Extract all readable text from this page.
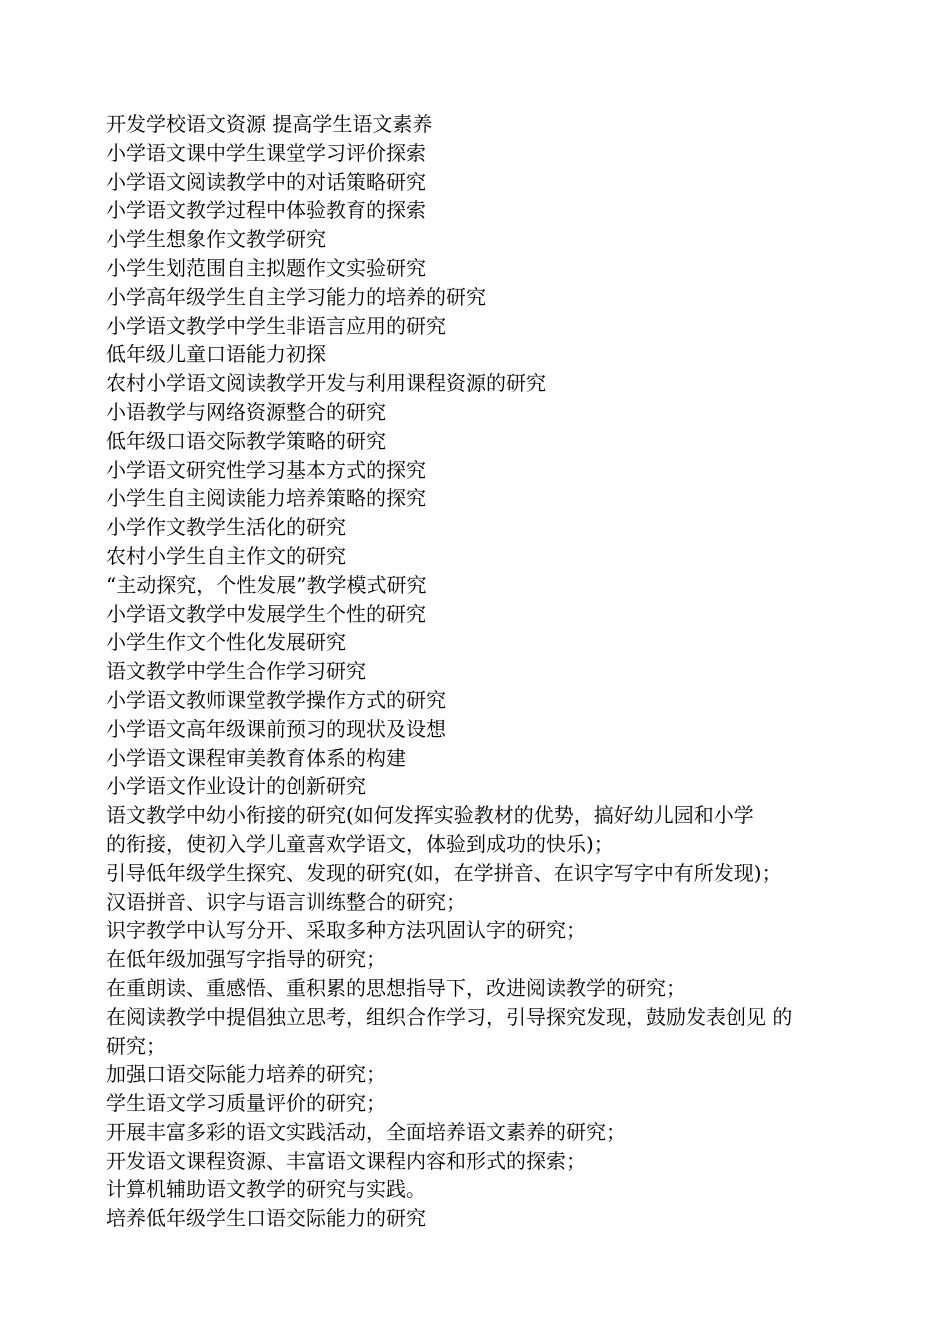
开发学校语文资源 提高学生语文素养
小学语文课中学生课堂学习评价探索
小学语文阅读教学中的对话策略研究
小学语文教学过程中体验教育的探索
小学生想象作文教学研究
小学生划范围自主拟题作文实验研究
小学高年级学生自主学习能力的培养的研究
小学语文教学中学生非语言应用的研究
低年级儿童口语能力初探
农村小学语文阅读教学开发与利用课程资源的研究
小语教学与网络资源整合的研究
低年级口语交际教学策略的研究
小学语文研究性学习基本方式的探究
小学生自主阅读能力培养策略的探究
小学作文教学生活化的研究
农村小学生自主作文的研究
“主动探究，个性发展”教学模式研究
小学语文教学中发展学生个性的研究
小学生作文个性化发展研究
语文教学中学生合作学习研究
小学语文教师课堂教学操作方式的研究
小学语文高年级课前预习的现状及设想
小学语文课程审美教育体系的构建
小学语文作业设计的创新研究
语文教学中幼小衔接的研究(如何发挥实验教材的优势，搞好幼儿园和小学
的衔接，使初入学儿童喜欢学语文，体验到成功的快乐)；
引导低年级学生探究、发现的研究(如，在学拼音、在识字写字中有所发现)；
汉语拼音、识字与语言训练整合的研究；
识字教学中认写分开、采取多种方法巩固认字的研究；
在低年级加强写字指导的研究；
在重朗读、重感悟、重积累的思想指导下，改进阅读教学的研究；
在阅读教学中提倡独立思考，组织合作学习，引导探究发现，鼓励发表创见 的
研究；
加强口语交际能力培养的研究；
学生语文学习质量评价的研究；
开展丰富多彩的语文实践活动，全面培养语文素养的研究；
开发语文课程资源、丰富语文课程内容和形式的探索；
计算机辅助语文教学的研究与实践。
培养低年级学生口语交际能力的研究
